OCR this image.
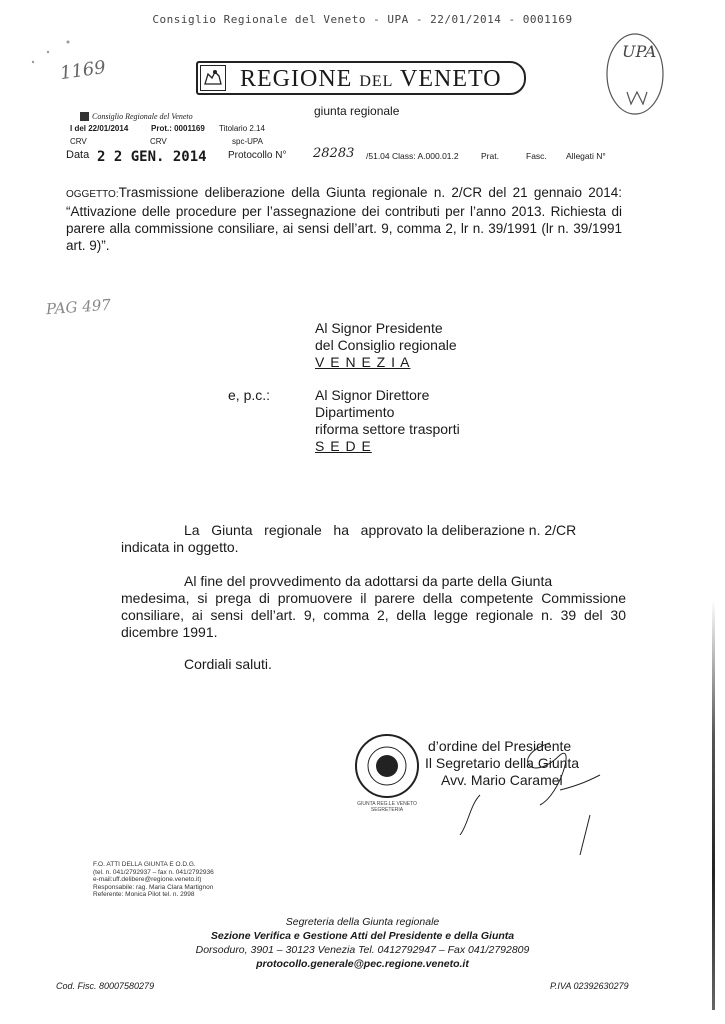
Consiglio Regionale del Veneto - UPA - 22/01/2014 - 0001169
1169	REGIONE DEL VENETO
giunta regionale
UPA
Consiglio Regionale del Veneto
I del 22/01/2014	Prot.: 0001169 Titolario 2.14
CRV	CRV	spc-UPA
Data 2 2 GEN. 2014 Protocollo N° 28283 /51.04 Class: A.000.01.2	Prat.	Fasc. Allegati N°
OGGETTO:Trasmissione deliberazione della Giunta regionale n. 2/CR del 21 gennaio 2014: “Attivazione delle procedure per l’assegnazione dei contributi per l’anno 2013. Richiesta di parere alla commissione consiliare, ai sensi dell’art. 9, comma 2, lr n. 39/1991 (lr n. 39/1991 art. 9)”.
PAG 497
Al Signor Presidente
del Consiglio regionale
V E N E Z I A
e, p.c.:	Al Signor Direttore
Dipartimento
riforma settore trasporti
S E D E
La   Giunta   regionale   ha   approvato la deliberazione n. 2/CR
indicata in oggetto.
Al fine del provvedimento da adottarsi da parte della Giunta
medesima, si prega di promuovere il parere della competente Commissione consiliare, ai sensi dell’art. 9, comma 2, della legge regionale n. 39 del 30 dicembre 1991.
Cordiali saluti.
GIUNTA REG.LE VENETO SEGRETERIA
d’ordine del Presidente
Il Segretario della Giunta
Avv. Mario Caramel
F.O. ATTI DELLA GIUNTA E O.D.G.
(tel. n. 041/2792937 – fax n. 041/2792936
e-mail:uff.delibere@regione.veneto.it)
Responsabile: rag. Maria Clara Martignon
Referente: Monica Pilot tel. n. 2998
Segreteria della Giunta regionale
Sezione Verifica e Gestione Atti del Presidente e della Giunta
Dorsoduro, 3901 – 30123 Venezia Tel. 0412792947 – Fax 041/2792809
protocollo.generale@pec.regione.veneto.it
Cod. Fisc. 80007580279	P.IVA 02392630279
